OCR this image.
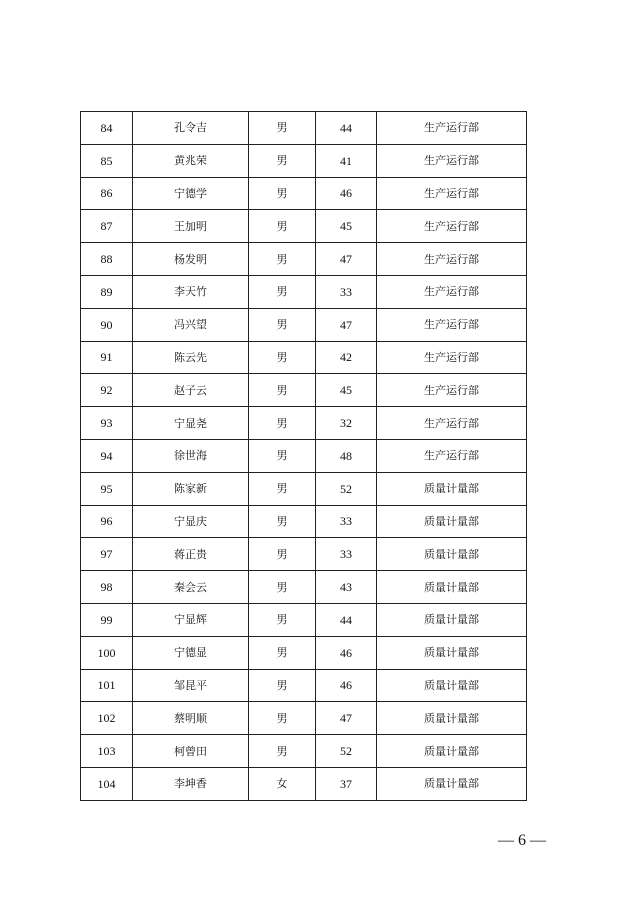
84	孔令吉	男	44	生产运行部
85	黄兆荣	男	41	生产运行部
86	宁德学	男	46	生产运行部
87	王加明	男	45	生产运行部
88	杨发明	男	47	生产运行部
89	李天竹	男	33	生产运行部
90	冯兴望	男	47	生产运行部
91	陈云先	男	42	生产运行部
92	赵子云	男	45	生产运行部
93	宁显尧	男	32	生产运行部
94	徐世海	男	48	生产运行部
95	陈家新	男	52	质量计量部
96	宁显庆	男	33	质量计量部
97	蒋正贵	男	33	质量计量部
98	秦会云	男	43	质量计量部
99	宁显辉	男	44	质量计量部
100	宁德显	男	46	质量计量部
101	邹昆平	男	46	质量计量部
102	蔡明顺	男	47	质量计量部
103	柯曾田	男	52	质量计量部
104	李坤香	女	37	质量计量部
— 6 —
